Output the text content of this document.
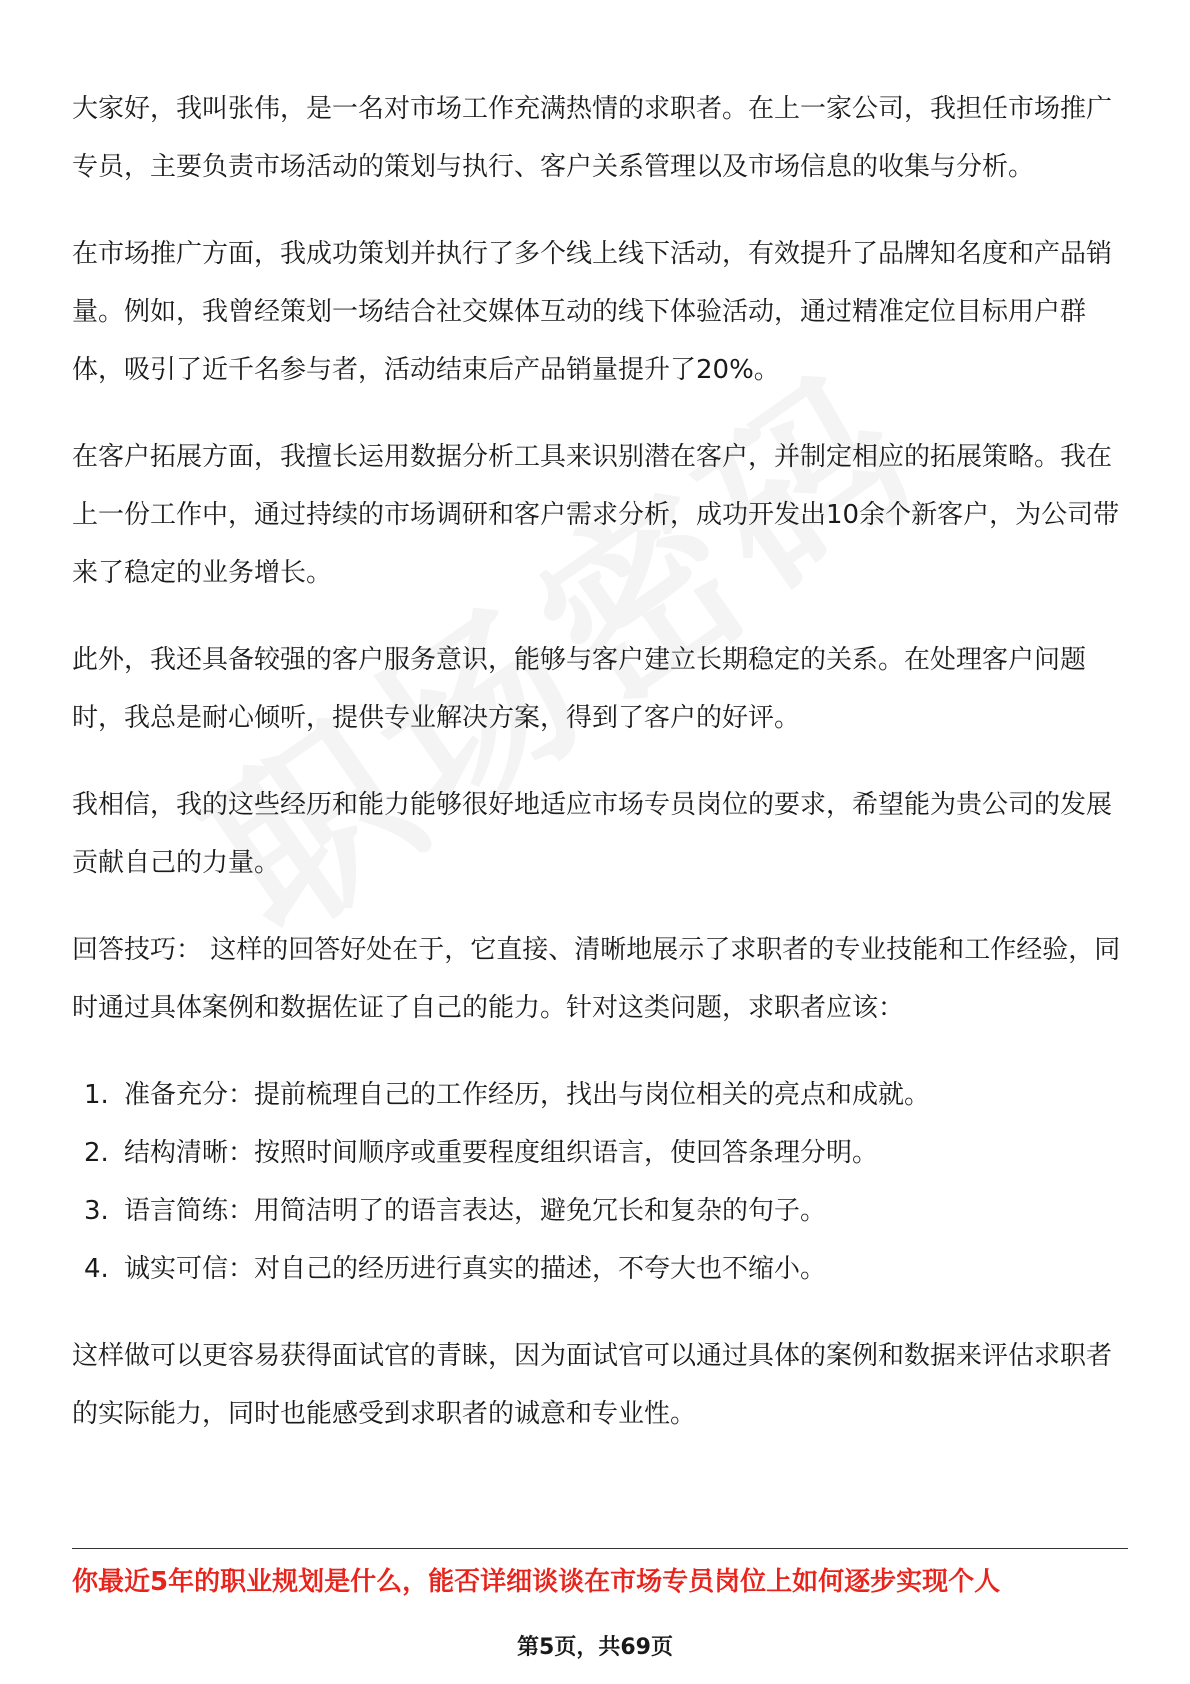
大家好，我叫张伟，是一名对市场工作充满热情的求职者。在上一家公司，我担任市场推广专员，主要负责市场活动的策划与执行、客户关系管理以及市场信息的收集与分析。

在市场推广方面，我成功策划并执行了多个线上线下活动，有效提升了品牌知名度和产品销量。例如，我曾经策划一场结合社交媒体互动的线下体验活动，通过精准定位目标用户群体，吸引了近千名参与者，活动结束后产品销量提升了20%。

在客户拓展方面，我擅长运用数据分析工具来识别潜在客户，并制定相应的拓展策略。我在上一份工作中，通过持续的市场调研和客户需求分析，成功开发出10余个新客户，为公司带来了稳定的业务增长。

此外，我还具备较强的客户服务意识，能够与客户建立长期稳定的关系。在处理客户问题时，我总是耐心倾听，提供专业解决方案，得到了客户的好评。

我相信，我的这些经历和能力能够很好地适应市场专员岗位的要求，希望能为贵公司的发展贡献自己的力量。

回答技巧： 这样的回答好处在于，它直接、清晰地展示了求职者的专业技能和工作经验，同时通过具体案例和数据佐证了自己的能力。针对这类问题，求职者应该：

1. 准备充分：提前梳理自己的工作经历，找出与岗位相关的亮点和成就。
2. 结构清晰：按照时间顺序或重要程度组织语言，使回答条理分明。
3. 语言简练：用简洁明了的语言表达，避免冗长和复杂的句子。
4. 诚实可信：对自己的经历进行真实的描述，不夸大也不缩小。

这样做可以更容易获得面试官的青睐，因为面试官可以通过具体的案例和数据来评估求职者的实际能力，同时也能感受到求职者的诚意和专业性。

你最近5年的职业规划是什么，能否详细谈谈在市场专员岗位上如何逐步实现个人
第5页，共69页
